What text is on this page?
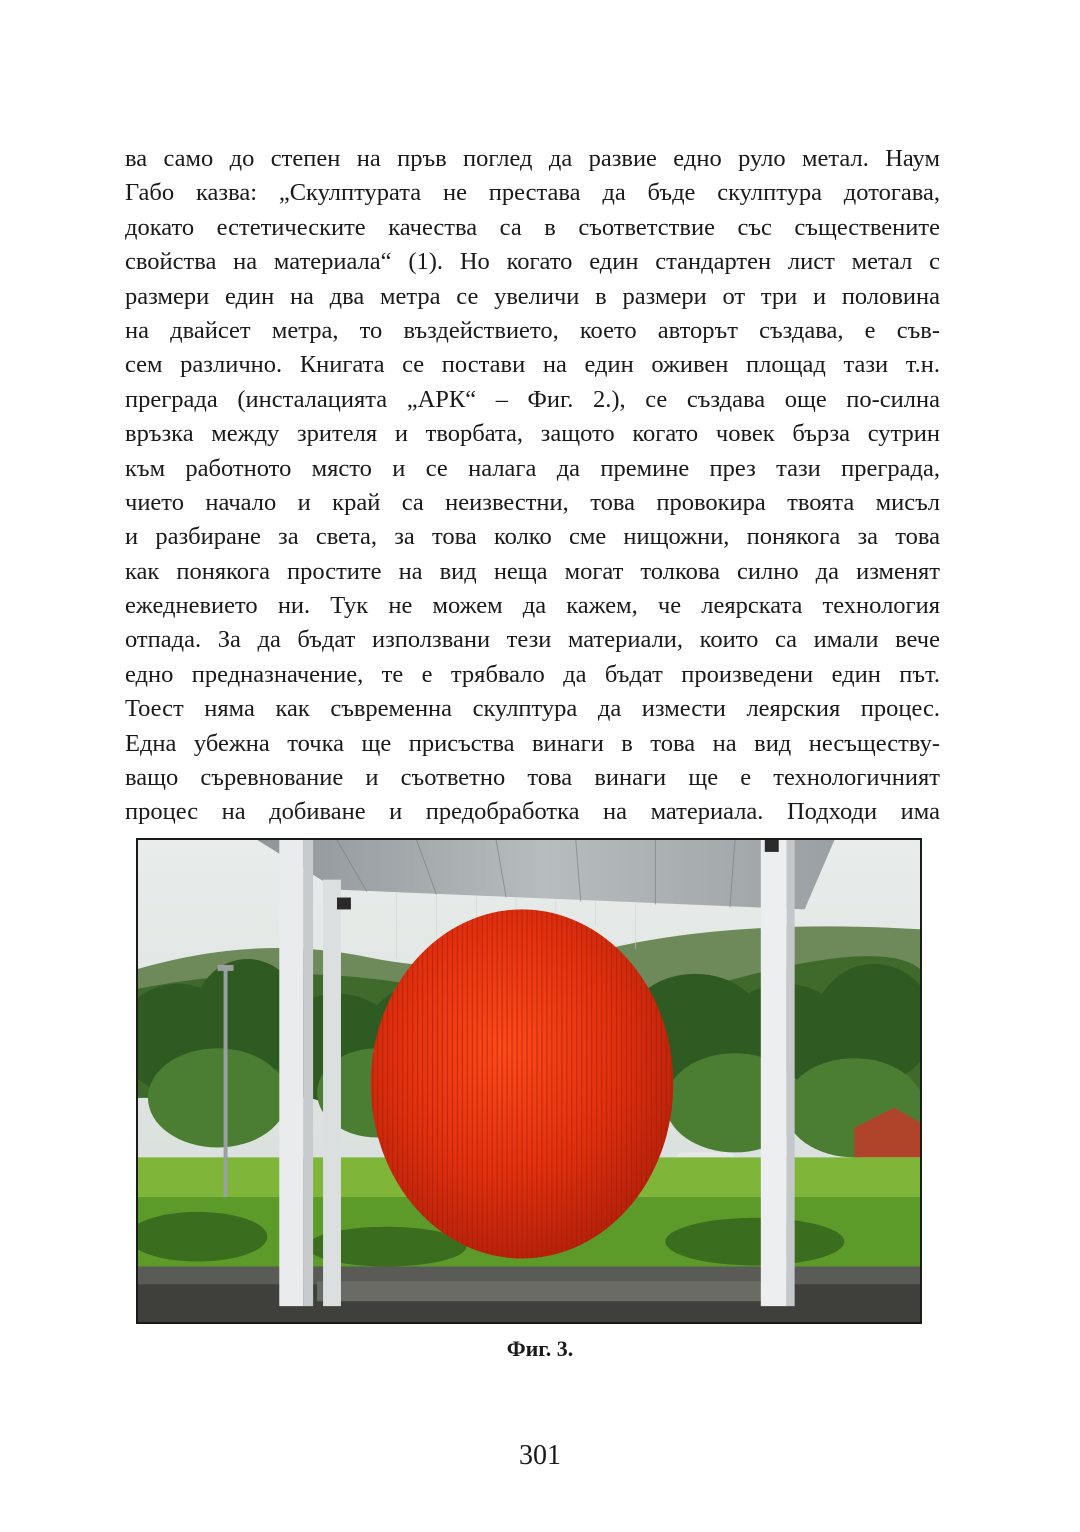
ва само до степен на пръв поглед да развие едно руло метал. Наум
Габо казва: „Скулптурата не престава да бъде скулптура дотогава,
докато естетическите качества са в съответствие със съществените
свойства на материала“ (1). Но когато един стандартен лист метал с
размери един на два метра се увеличи в размери от три и половина
на двайсет метра, то въздействието, което авторът създава, е съв-
сем различно. Книгата се постави на един оживен площад тази т.н.
преграда (инсталацията „АРК“ – Фиг. 2.), се създава още по-силна
връзка между зрителя и творбата, защото когато човек бърза сутрин
към работното място и се налага да премине през тази преграда,
чието начало и край са неизвестни, това провокира твоята мисъл
и разбиране за света, за това колко сме нищожни, понякога за това
как понякога простите на вид неща могат толкова силно да изменят
ежедневието ни. Тук не можем да кажем, че леярската технология
отпада. За да бъдат използвани тези материали, които са имали вече
едно предназначение, те е трябвало да бъдат произведени един път.
Тоест няма как съвременна скулптура да измести леярския процес.
Една убежна точка ще присъства винаги в това на вид несъществу-
ващо съревнование и съответно това винаги ще е технологичният
процес на добиване и предобработка на материала. Подходи има
Фиг. 3.
301
